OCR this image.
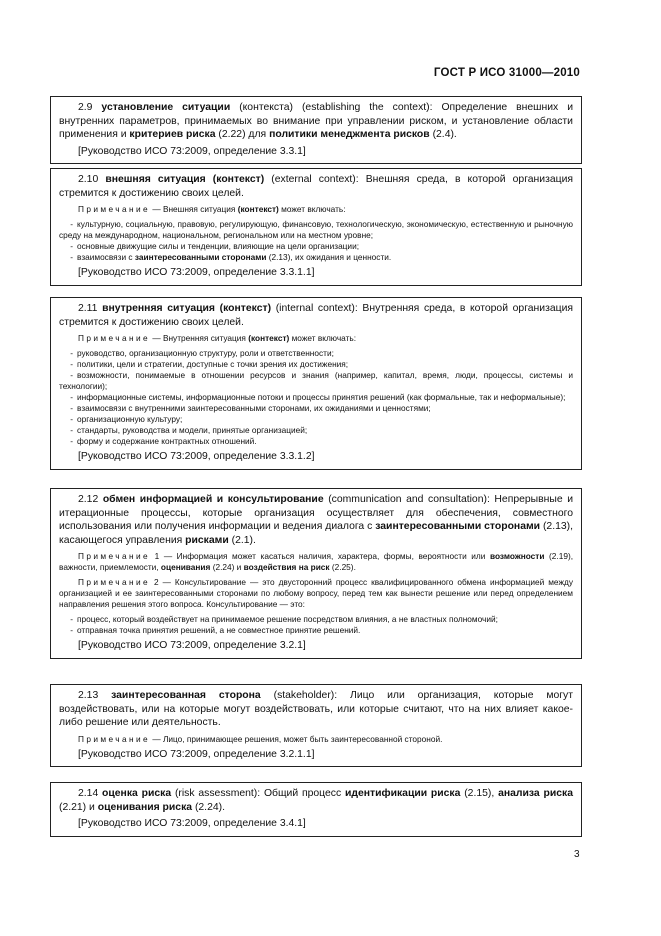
ГОСТ Р ИСО 31000—2010

2.9 установление ситуации (контекста) (establishing the context): Определение внешних и внутренних параметров, принимаемых во внимание при управлении риском, и установление области применения и критериев риска (2.22) для политики менеджмента рисков (2.4).

[Руководство ИСО 73:2009, определение 3.3.1]

2.10 внешняя ситуация (контекст) (external context): Внешняя среда, в которой организация стремится к достижению своих целей.

Примечание — Внешняя ситуация (контекст) может включать:

- культурную, социальную, правовую, регулирующую, финансовую, технологическую, экономическую, естественную и рыночную среду на международном, национальном, региональном или на местном уровне;

- основные движущие силы и тенденции, влияющие на цели организации;

- взаимосвязи с заинтересованными сторонами (2.13), их ожидания и ценности.

[Руководство ИСО 73:2009, определение 3.3.1.1]

2.11 внутренняя ситуация (контекст) (internal context): Внутренняя среда, в которой организация стремится к достижению своих целей.

Примечание — Внутренняя ситуация (контекст) может включать:

- руководство, организационную структуру, роли и ответственности;

- политики, цели и стратегии, доступные с точки зрения их достижения;

- возможности, понимаемые в отношении ресурсов и знания (например, капитал, время, люди, процессы, системы и технологии);

- информационные системы, информационные потоки и процессы принятия решений (как формальные, так и неформальные);

- взаимосвязи с внутренними заинтересованными сторонами, их ожиданиями и ценностями;

- организационную культуру;

- стандарты, руководства и модели, принятые организацией;

- форму и содержание контрактных отношений.

[Руководство ИСО 73:2009, определение 3.3.1.2]

2.12 обмен информацией и консультирование (communication and consultation): Непрерывные и итерационные процессы, которые организация осуществляет для обеспечения, совместного использования или получения информации и ведения диалога с заинтересованными сторонами (2.13), касающегося управления рисками (2.1).

Примечание 1 — Информация может касаться наличия, характера, формы, вероятности или возможности (2.19), важности, приемлемости, оценивания (2.24) и воздействия на риск (2.25).

Примечание 2 — Консультирование — это двусторонний процесс квалифицированного обмена информацией между организацией и ее заинтересованными сторонами по любому вопросу, перед тем как вынести решение или перед определением направления решения этого вопроса. Консультирование — это:

- процесс, который воздействует на принимаемое решение посредством влияния, а не властных полномочий;

- отправная точка принятия решений, а не совместное принятие решений.

[Руководство ИСО 73:2009, определение 3.2.1]

2.13 заинтересованная сторона (stakeholder): Лицо или организация, которые могут воздействовать, или на которые могут воздействовать, или которые считают, что на них влияет какое-либо решение или деятельность.

Примечание — Лицо, принимающее решения, может быть заинтересованной стороной.

[Руководство ИСО 73:2009, определение 3.2.1.1]

2.14 оценка риска (risk assessment): Общий процесс идентификации риска (2.15), анализа риска (2.21) и оценивания риска (2.24).

[Руководство ИСО 73:2009, определение 3.4.1]

3
